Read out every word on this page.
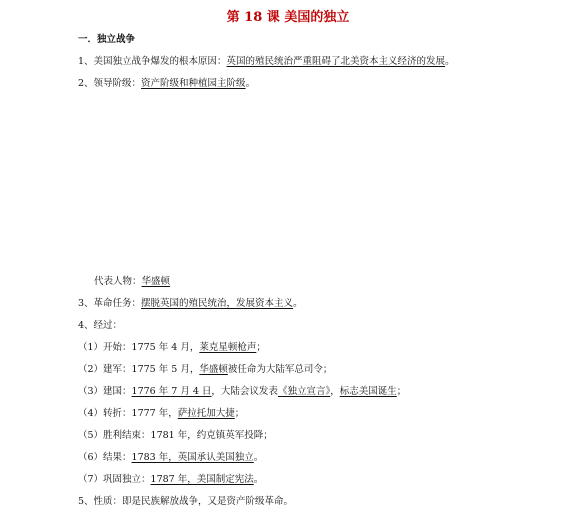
第 18 课 美国的独立
一．独立战争
1、美国独立战争爆发的根本原因：英国的殖民统治严重阻碍了北美资本主义经济的发展。
2、领导阶级：资产阶级和种植园主阶级。
代表人物：华盛顿
3、革命任务：摆脱英国的殖民统治，发展资本主义。
4、经过：
（1）开始：1775 年 4 月，莱克星顿枪声；
（2）建军：1775 年 5 月，华盛顿被任命为大陆军总司令；
（3）建国：1776 年 7 月 4 日，大陆会议发表《独立宣言》，标志美国诞生；
（4）转折：1777 年，萨拉托加大捷；
（5）胜利结束：1781 年，约克镇英军投降；
（6）结果：1783 年，英国承认美国独立。
（7）巩固独立：1787 年，美国制定宪法。
5、性质：即是民族解放战争，又是资产阶级革命。
